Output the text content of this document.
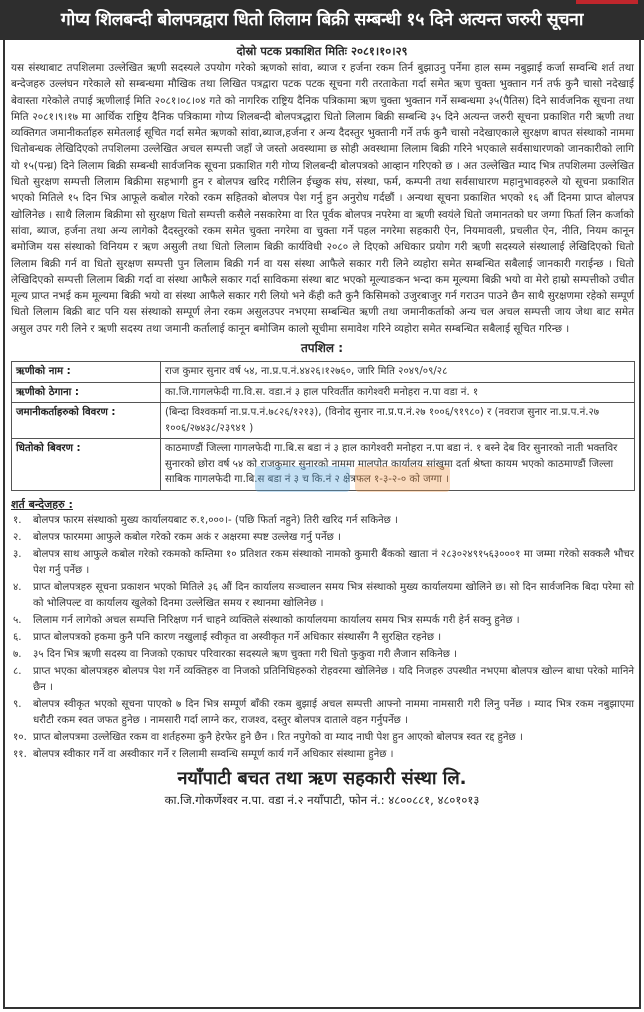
गोप्य शिलबन्दी बोलपत्रद्वारा धितो लिलाम बिक्री सम्बन्धी १५ दिने अत्यन्त जरुरी सूचना
दोस्रो पटक प्रकाशित मितिः २०८१।१०।२९

यस संस्थाबाट तपशिलमा उल्लेखित ऋणी सदस्यले उपयोग गरेको ऋणको सांवा, ब्याज र हर्जना रकम तिर्न बुझाउनु पर्नेमा हाल सम्म नबुझाई कर्जा सम्वन्धि शर्त तथा बन्देजहरु उल्लंघन गरेकाले सो सम्बन्धमा मौखिक तथा लिखित पत्रद्वारा पटक पटक सूचना गरी तरताकेता गर्दा समेत ऋण चुक्ता भुक्तान गर्न तर्फ कुनै चासो नदेखाई बेवास्ता गरेकोले तपाई ऋणीलाई मिति २०८१।०८।०४ गते को नागरिक राष्ट्रिय दैनिक पत्रिकामा ऋण चुक्ता भुक्तान गर्ने सम्बन्धमा ३५(पैतिस) दिने सार्वजनिक सूचना तथा मिति २०८१।९।१७ मा आर्थिक राष्ट्रिय दैनिक पत्रिकामा गोप्य शिलबन्दी बोलपत्रद्धारा धितो लिलाम बिक्री सम्बन्धि ३५ दिने अत्यन्त जरुरी सूचना प्रकाशित गरी ऋणी तथा व्यक्तिगत जमानीकर्ताहरु समेतलाई सूचित गर्दा समेत ऋणको सांवा,ब्याज,हर्जना र अन्य दैदस्तुर भुक्तानी गर्ने तर्फ कुनै चासो नदेखाएकाले सुरक्षण बापत संस्थाको नाममा धितोबन्धक लेखिदिएको तपशिलमा उल्लेखित अचल सम्पत्ती जहाँ जे जस्तो अवस्थामा छ सोही अवस्थामा लिलाम बिक्री गरिने भएकाले सर्वसाधारणको जानकारीको लागि यो १५(पन्ध्र) दिने लिलाम बिक्री सम्बन्धी सार्वजनिक सूचना प्रकाशित गरी गोप्य शिलबन्दी बोलपत्रको आव्हान गरिएको छ । अत उल्लेखित म्याद भित्र तपशिलमा उल्लेखित धितो सुरक्षण सम्पत्ती लिलाम बिक्रीमा सहभागी हुन र बोलपत्र खरिद गरीलिन ईच्छुक संघ, संस्था, फर्म, कम्पनी तथा सर्वसाधारण महानुभावहरुले यो सूचना प्रकाशित भएको मितिले १५ दिन भित्र आफूले कबोल गरेको रकम सहितको बोलपत्र पेश गर्नु हुन अनुरोध गर्दछौं । अन्यथा सूचना प्रकाशित भएको १६ औं दिनमा प्राप्त बोलपत्र खोलिनेछ । साथै लिलाम बिक्रीमा सो सुरक्षण धितो सम्पत्ती कसैले नसकारेमा वा रित पूर्वक बोलपत्र नपरेमा वा ऋणी स्वयंले धितो जमानतको घर जग्गा फिर्ता लिन कर्जाको सांवा, ब्याज, हर्जना तथा अन्य लागेको दैदस्तुरको रकम समेत चुक्ता नगरेमा वा चुक्ता गर्ने पहल नगरेमा सहकारी ऐन, नियमावली, प्रचलीत ऐन, नीति, नियम कानून बमोजिम यस संस्थाको विनियम र ऋण असुली तथा धितो लिलाम बिक्री कार्यविधी २०८० ले दिएको अधिकार प्रयोग गरी ऋणी सदस्यले संस्थालाई लेखिदिएको धितो लिलाम बिक्री गर्न वा धितो सुरक्षण सम्पत्ती पुन लिलाम बिक्री गर्न वा यस संस्था आफैले सकार गरी लिने व्यहोरा समेत सम्बन्धित सबैलाई जानकारी गराईन्छ । धितो लेखिदिएको सम्पत्ती लिलाम बिक्री गर्दा वा संस्था आफैले सकार गर्दा साविकमा संस्था बाट भएको मूल्याङकन भन्दा कम मूल्यमा बिक्री भयो वा मेरो हाम्रो सम्पत्तीको उचीत मूल्य प्राप्त नभई कम मूल्यमा बिक्री भयो वा संस्था आफैले सकार गरी लियो भने कँही कतै कुनै किसिमको उजुरबाजुर गर्न गराउन पाउने छैन साथै सुरक्षणमा रहेको सम्पूर्ण धितो लिलाम बिक्री बाट पनि यस संस्थाको सम्पूर्ण लेना रकम असुलउपर नभएमा सम्बन्धित ऋणी तथा जमानीकर्ताको अन्य चल अचल सम्पत्ती जाय जेथा बाट समेत असुल उपर गरी लिने र ऋणी सदस्य तथा जमानी कर्तालाई कानून बमोजिम कालो सूचीमा समावेश गरिने व्यहोरा समेत सम्बन्धित सबैलाई सूचित गरिन्छ ।

तपशिल :
ऋणीको नाम :	राज कुमार सुनार वर्ष ५४, ना.प्र.प.नं.४४२६।१२७६०, जारि मिति २०४९/०९/२८
ऋणीको ठेगाना :	का.जि.गागलफेदी गा.वि.स. वडा.नं ३ हाल परिवर्तीत कागेश्वरी मनोहरा न.पा वडा नं. १
जमानीकर्ताहरुको विवरण :	(बिन्दा विश्वकर्मा ना.प्र.प.नं.७८२६/१२१३), (विनोद सुनार ना.प्र.प.नं.२७ १००६/९१९८०) र (नवराज सुनार ना.प्र.प.नं.२७ १००६/२७४३८/२३९४१ )
धितोको बिवरण :	काठमाण्डौं जिल्ला गागलफेदी गा.बि.स बडा नं ३ हाल कागेश्वरी मनोहरा न.पा बडा नं. १ बस्ने देब विर सुनारको नाती भक्तविर सुनारको छोरा वर्ष ५४ को राजकुमार सुनारको नाममा मालपोत कार्यालय सांखुमा दर्ता श्रेष्ता कायम भएको काठमाण्डौं जिल्ला साबिक गागलफेदी गा.बि.स बडा नं ३ च कि.नं २ क्षेत्रफल १-३-२-० को जग्गा ।
शर्त बन्देजहरु :
१.	बोलपत्र फारम संस्थाको मुख्य कार्यालयबाट रु.१,०००।- (पछि फिर्ता नहुने) तिरी खरिद गर्न सकिनेछ ।
२.	बोलपत्र फारममा आफुले कबोल गरेको रकम अकं र अक्षरमा स्पष्ट उल्लेख गर्नु पर्नेछ ।
३.	बोलपत्र साथ आफुले कबोल गरेको रकमको कम्तिमा १० प्रतिशत रकम संस्थाको नामको कुमारी बैंकको खाता नं २८३०२४९१५६३०००१ मा जम्मा गरेको सक्कलै भौचर पेश गर्नु पर्नेछ ।
४.	प्राप्त बोलपत्रहरु सूचना प्रकाशन भएको मितिले ३६ औं दिन कार्यालय सञ्चालन समय भित्र संस्थाको मुख्य कार्यालयमा खोलिने छ। सो दिन सार्वजनिक बिदा परेमा सो को भोलिपल्ट वा कार्यालय खुलेको दिनमा उल्लेखित समय र स्थानमा खोलिनेछ ।
५.	लिलाम गर्न लागेको अचल सम्पत्ति निरिक्षण गर्न चाहने व्यक्तिले संस्थाको कार्यालयमा कार्यालय समय भित्र सम्पर्क गरी हेर्न सक्नु हुनेछ ।
६.	प्राप्त बोलपत्रको हकमा कुनै पनि कारण नखुलाई स्वीकृत वा अस्वीकृत गर्ने अधिकार संस्थासँग नै सुरक्षित रहनेछ ।
७.	३५ दिन भित्र ऋणी सदस्य वा निजको एकाघर परिवारका सदस्यले ऋण चुक्ता गरी धितो फुकुवा गरी लैजान सकिनेछ ।
८.	प्राप्त भएका बोलपत्रहरु बोलपत्र पेश गर्ने व्यक्तिहरु वा निजको प्रतिनिधिहरुको रोहवरमा खोलिनेछ । यदि निजहरु उपस्थीत नभएमा बोलपत्र खोल्न बाधा परेको मानिने छैन ।
९.	बोलपत्र स्वीकृत भएको सूचना पाएको ७ दिन भित्र सम्पूर्ण बाँकी रकम बुझाई अचल सम्पत्ती आफ्नो नाममा नामसारी गरी लिनु पर्नेछ । म्याद भित्र रकम नबुझाएमा धरौटी रकम स्वत जफत हुनेछ । नामसारी गर्दा लाग्ने कर, राजश्व, दस्तुर बोलपत्र दाताले वहन गर्नुपर्नेछ ।
१०. प्राप्त बोलपत्रमा उल्लेखित रकम वा शर्तहरुमा कुनै हेरफेर हुने छैन । रित नपुगेको वा म्याद नाघी पेश हुन आएको बोलपत्र स्वत रद्द हुनेछ ।
११. बोलपत्र स्वीकार गर्ने वा अस्वीकार गर्ने र लिलामी सम्वन्धि सम्पूर्ण कार्य गर्ने अधिकार संस्थामा हुनेछ ।
नयाँपाटी बचत तथा ऋण सहकारी संस्था लि.
का.जि.गोकर्णेश्वर न.पा. वडा नं.२ नयाँपाटी, फोन नं.: ४८००८८१, ४८०१०१३
